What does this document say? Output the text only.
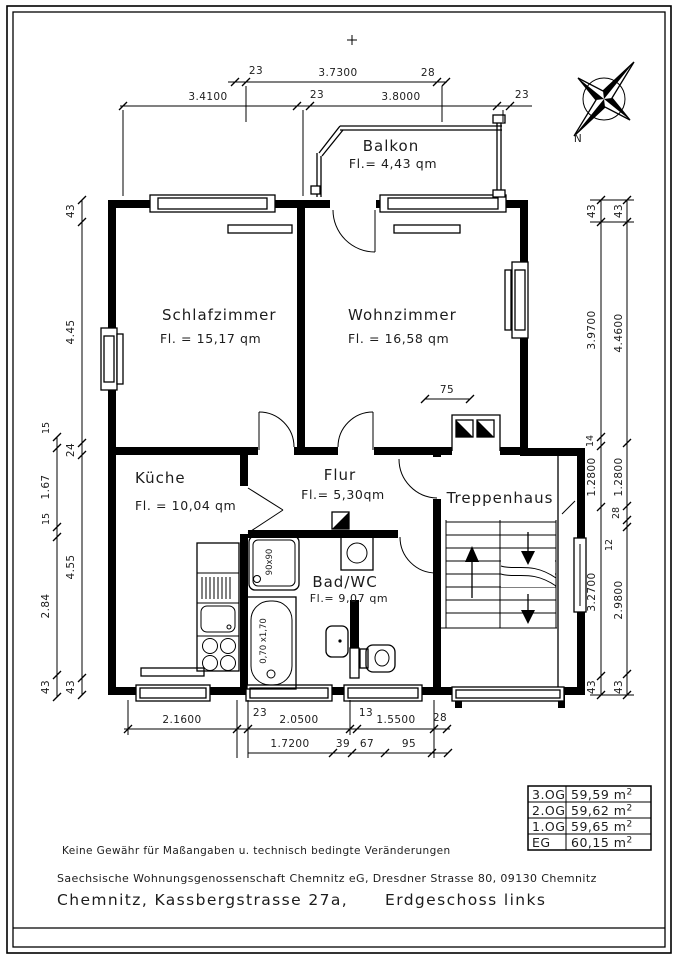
N
75
90x90
0,70 x1,70
Balkon
Fl.= 4,43 qm
Schlafzimmer
Fl. = 15,17 qm
Wohnzimmer
Fl. = 16,58 qm
Küche
Fl. = 10,04 qm
Flur
Fl.= 5,30qm	Treppenhaus
Bad/WC
Fl.= 9,07 qm
23	3.7300	28
3.4100	23	3.8000	23
43
4.45
24
4.55
43
15
1.67
15
2.84
43
43
3.9700
14
1.2800
3.2700
43
43
4.4600
1.2800
28
12
2.9800
43
2.1600
23
2.0500
13
1.5500 28
1.7200	39 67	95
3.OG 59,59 $m^2$
2.OG 59,62 $m^2$
1.OG 59,65 $m^2$
EG 60,15 $m^2$
Keine Gewähr für Maßangaben u. technisch bedingte Veränderungen
Saechsische Wohnungsgenossenschaft Chemnitz eG, Dresdner Strasse 80, 09130 Chemnitz
Chemnitz, Kassbergstrasse 27a, Erdgeschoss links
